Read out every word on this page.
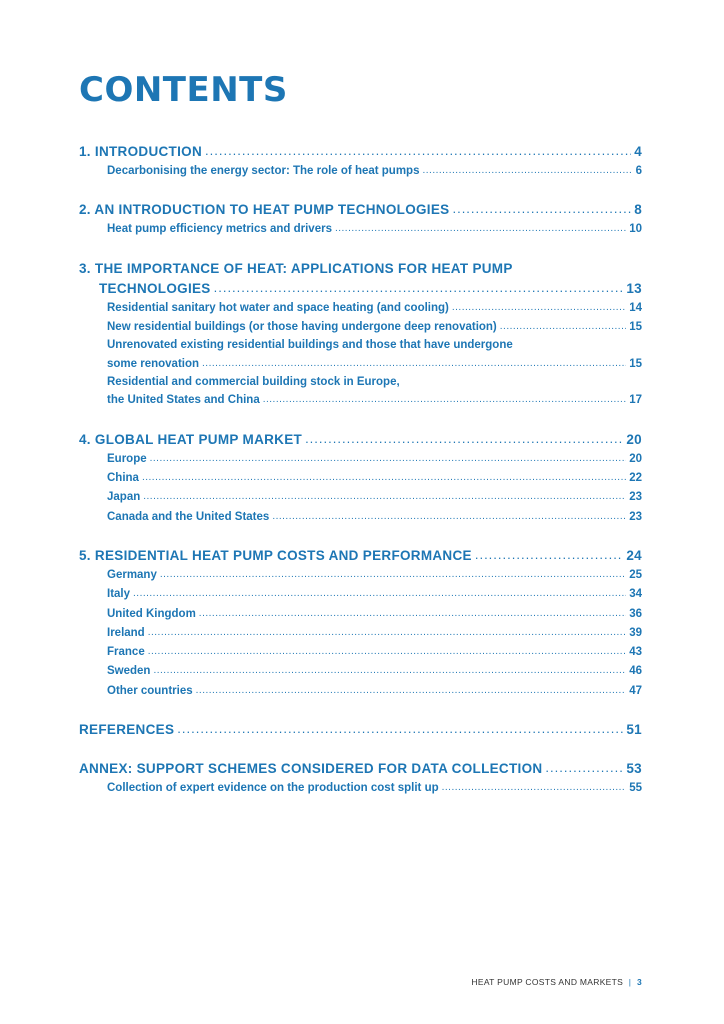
CONTENTS
1. INTRODUCTION .....	4
Decarbonising the energy sector: The role of heat pumps .....	6
2. AN INTRODUCTION TO HEAT PUMP TECHNOLOGIES .....	8
Heat pump efficiency metrics and drivers .....	10
3. THE IMPORTANCE OF HEAT: APPLICATIONS FOR HEAT PUMP
TECHNOLOGIES .....	13
Residential sanitary hot water and space heating (and cooling) .....	14
New residential buildings (or those having undergone deep renovation) .....	15
Unrenovated existing residential buildings and those that have undergone
some renovation .....	15
Residential and commercial building stock in Europe,
the United States and China .....	17
4. GLOBAL HEAT PUMP MARKET .....	20
Europe .....	20
China .....	22
Japan .....	23
Canada and the United States .....	23
5. RESIDENTIAL HEAT PUMP COSTS AND PERFORMANCE .....	24
Germany .....	25
Italy .....	34
United Kingdom .....	36
Ireland .....	39
France .....	43
Sweden .....	46
Other countries .....	47
REFERENCES .....	51
ANNEX: SUPPORT SCHEMES CONSIDERED FOR DATA COLLECTION .....	53
Collection of expert evidence on the production cost split up .....	55
HEAT PUMP COSTS AND MARKETS | 3
